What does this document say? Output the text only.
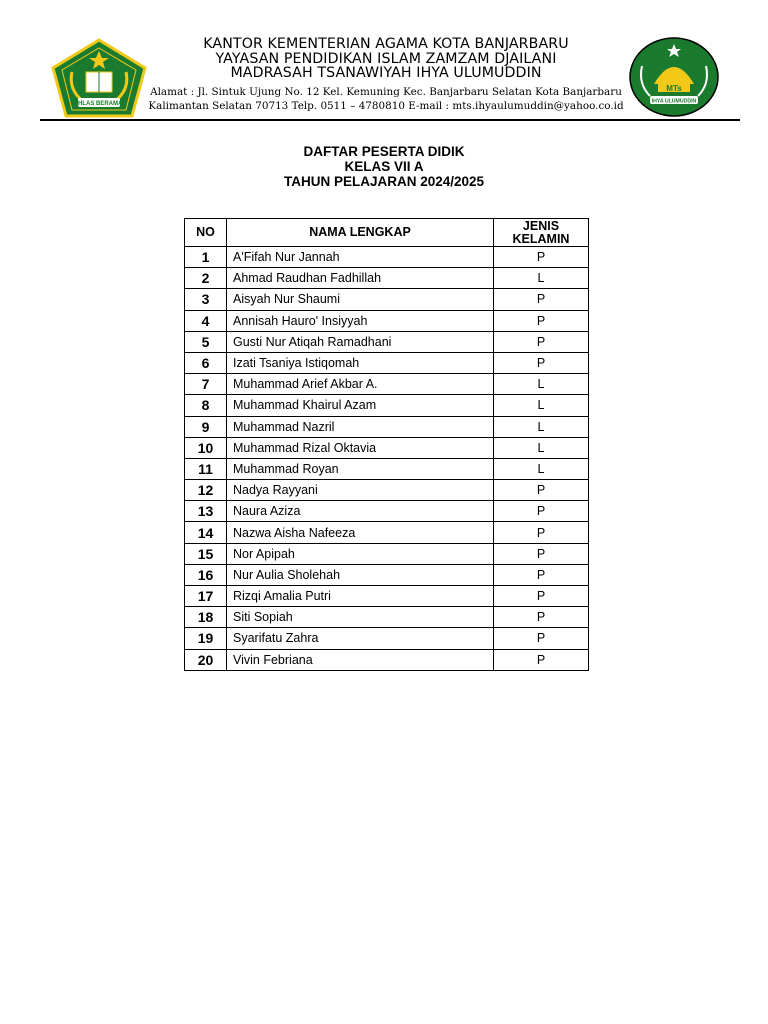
IKHLAS BERAMAL
KANTOR KEMENTERIAN AGAMA KOTA BANJARBARU
YAYASAN PENDIDIKAN ISLAM ZAMZAM DJAILANI
MADRASAH TSANAWIYAH IHYA ULUMUDDIN
Alamat : Jl. Sintuk Ujung No. 12 Kel. Kemuning Kec. Banjarbaru Selatan Kota Banjarbaru
Kalimantan Selatan 70713 Telp. 0511 – 4780810 E-mail : mts.ihyaulumuddin@yahoo.co.id
MTs
IHYA ULUMUDDIN
DAFTAR PESERTA DIDIK
KELAS VII A
TAHUN PELAJARAN 2024/2025
NO	NAMA LENGKAP	JENIS
KELAMIN

1	A'Fifah Nur Jannah	P
2	Ahmad Raudhan Fadhillah	L
3	Aisyah Nur Shaumi	P
4	Annisah Hauro' Insiyyah	P
5	Gusti Nur Atiqah Ramadhani	P
6	Izati Tsaniya Istiqomah	P
7	Muhammad Arief Akbar A.	L
8	Muhammad Khairul Azam	L
9	Muhammad Nazril	L
10	Muhammad Rizal Oktavia	L
11	Muhammad Royan	L
12	Nadya Rayyani	P
13	Naura Aziza	P
14	Nazwa Aisha Nafeeza	P
15	Nor Apipah	P
16	Nur Aulia Sholehah	P
17	Rizqi Amalia Putri	P
18	Siti Sopiah	P
19	Syarifatu Zahra	P
20	Vivin Febriana	P
